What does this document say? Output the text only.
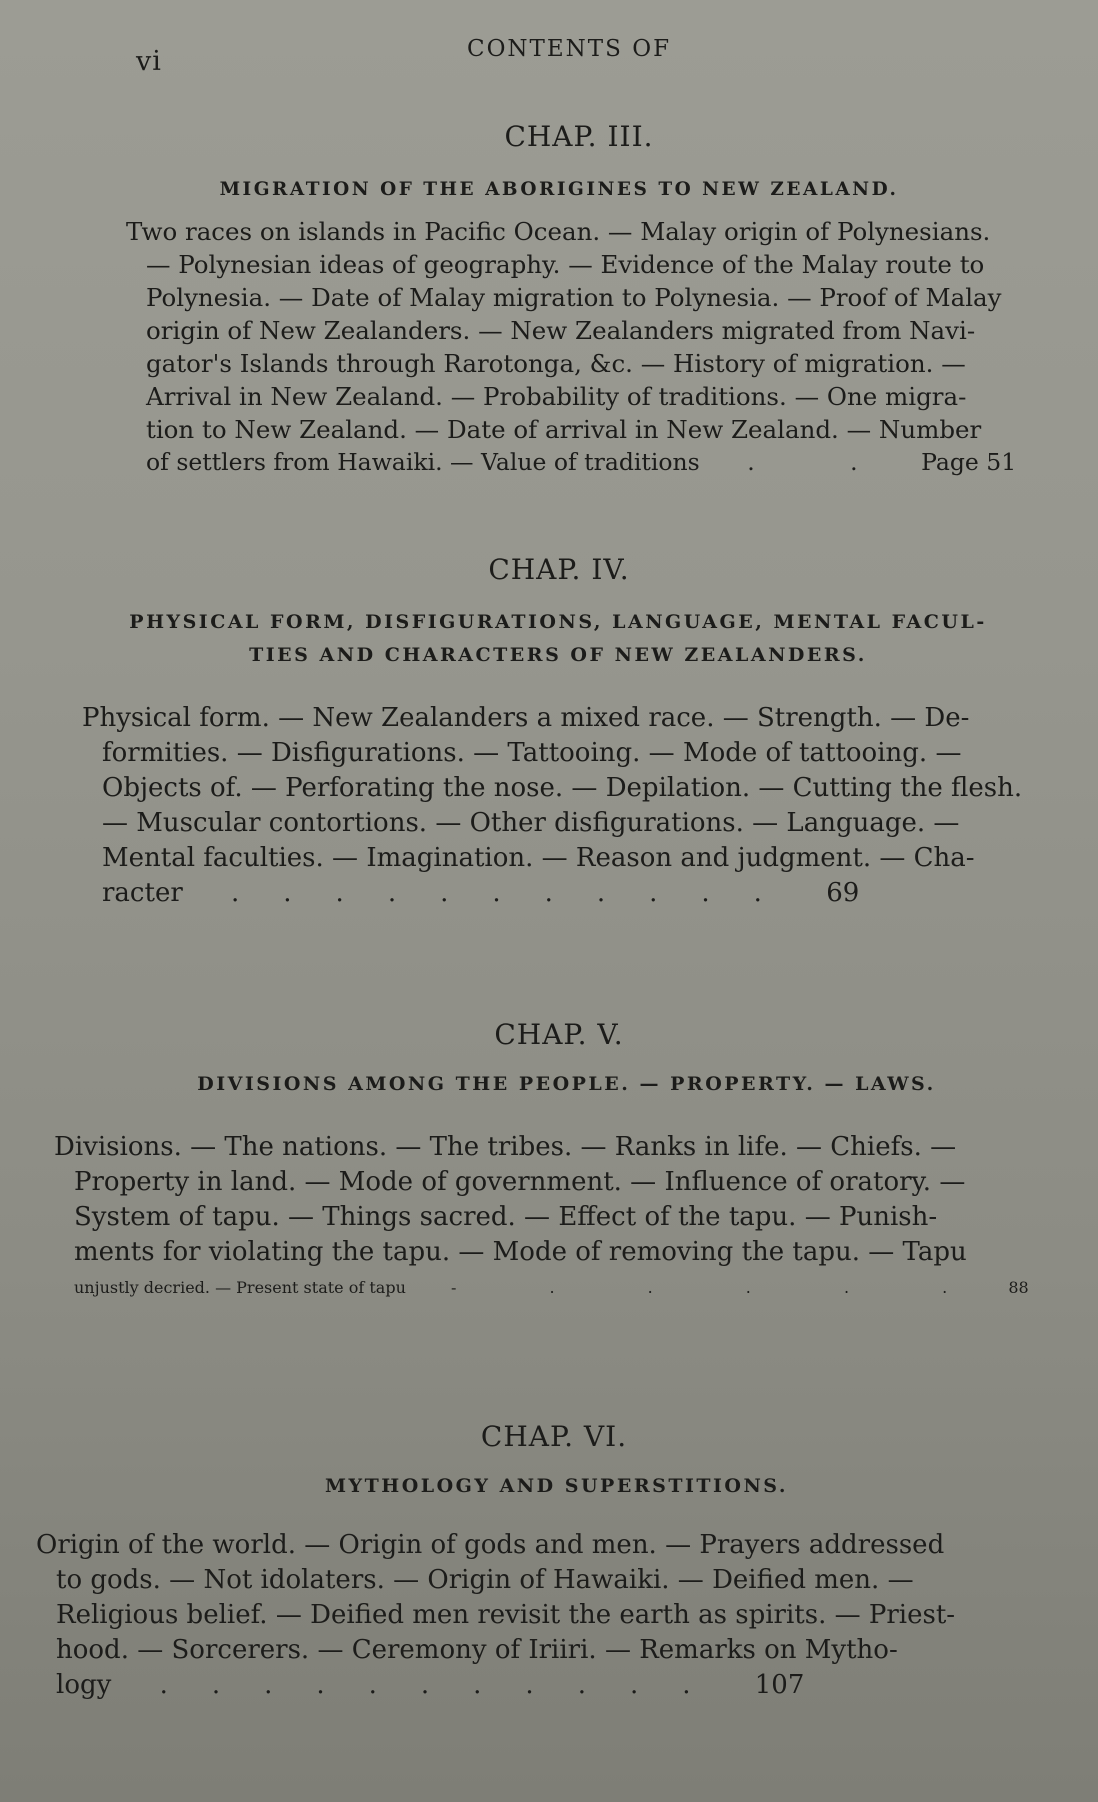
vi	CONTENTS OF
CHAP. III.
MIGRATION OF THE ABORIGINES TO NEW ZEALAND.
Two races on islands in Pacific Ocean. — Malay origin of Polynesians.
— Polynesian ideas of geography. — Evidence of the Malay route to
Polynesia. — Date of Malay migration to Polynesia. — Proof of Malay
origin of New Zealanders. — New Zealanders migrated from Navi-
gator's Islands through Rarotonga, &c. — History of migration. —
Arrival in New Zealand. — Probability of traditions. — One migra-
tion to New Zealand. — Date of arrival in New Zealand. — Number
of settlers from Hawaiki. — Value of traditions . . Page 51
CHAP. IV.
PHYSICAL FORM, DISFIGURATIONS, LANGUAGE, MENTAL FACUL-
TIES AND CHARACTERS OF NEW ZEALANDERS.
Physical form. — New Zealanders a mixed race. — Strength. — De-
formities. — Disfigurations. — Tattooing. — Mode of tattooing. —
Objects of. — Perforating the nose. — Depilation. — Cutting the flesh.
— Muscular contortions. — Other disfigurations. — Language. —
Mental faculties. — Imagination. — Reason and judgment. — Cha-
racter ........... 69
CHAP. V.
DIVISIONS AMONG THE PEOPLE. — PROPERTY. — LAWS.
Divisions. — The nations. — The tribes. — Ranks in life. — Chiefs. —
Property in land. — Mode of government. — Influence of oratory. —
System of tapu. — Things sacred. — Effect of the tapu. — Punish-
ments for violating the tapu. — Mode of removing the tapu. — Tapu
unjustly decried. — Present state of tapu	- . . . . . 88
CHAP. VI.
MYTHOLOGY AND SUPERSTITIONS.
Origin of the world. — Origin of gods and men. — Prayers addressed
to gods. — Not idolaters. — Origin of Hawaiki. — Deified men. —
Religious belief. — Deified men revisit the earth as spirits. — Priest-
hood. — Sorcerers. — Ceremony of Iriiri. — Remarks on Mytho-
logy ........... 107
